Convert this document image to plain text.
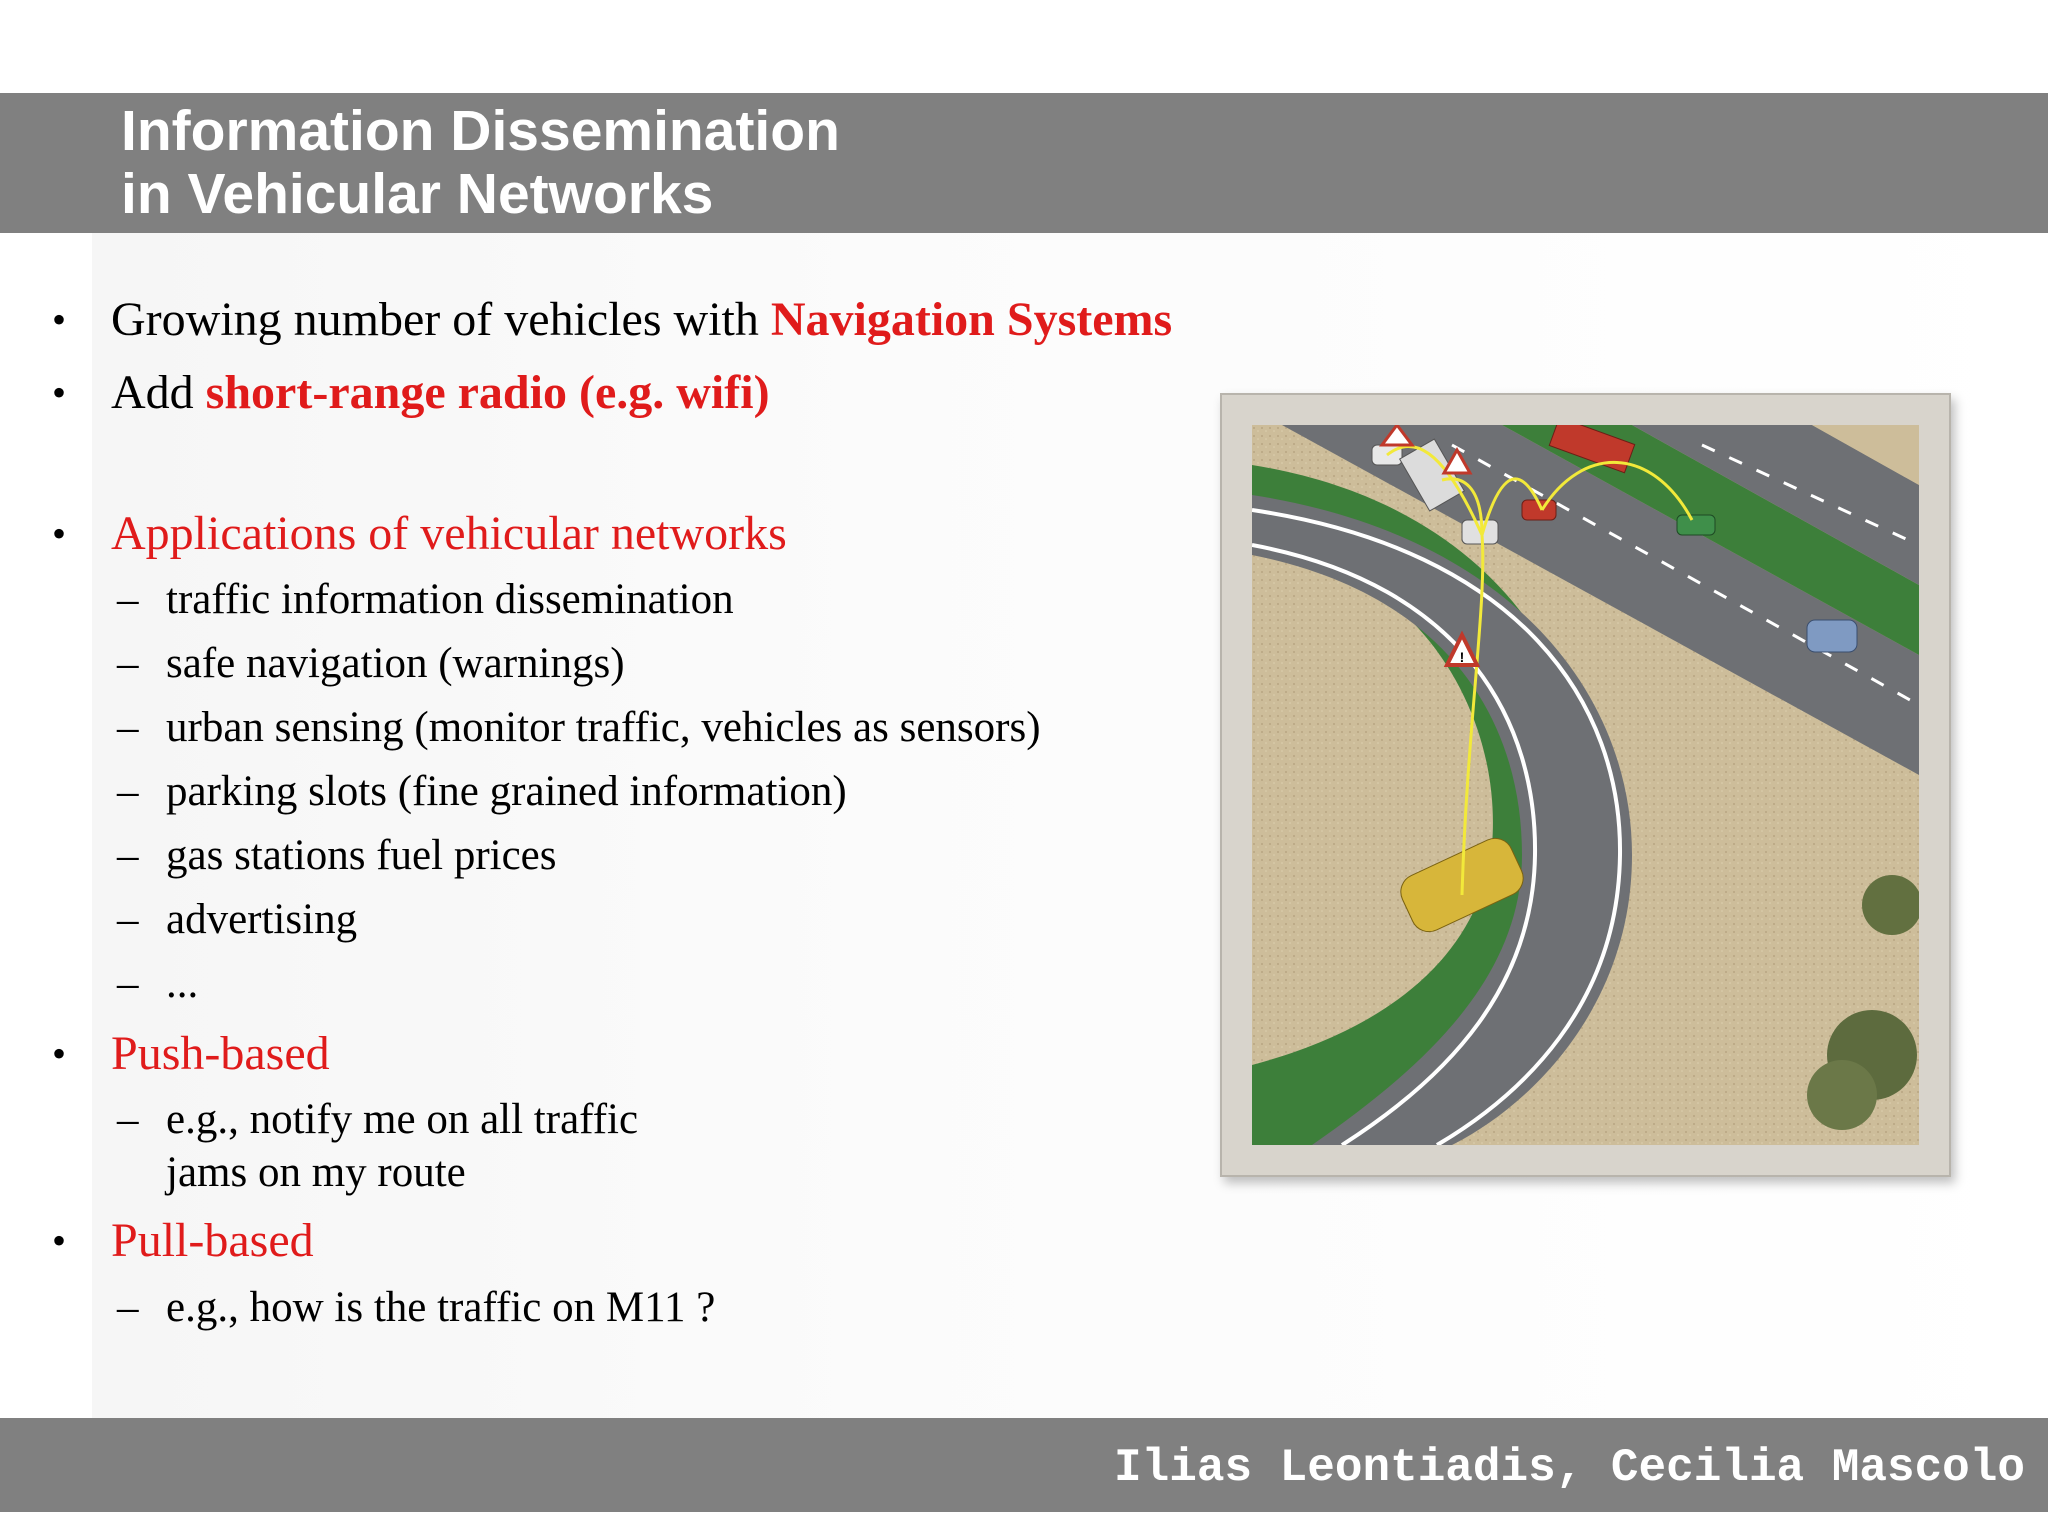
Information Dissemination
in Vehicular Networks
• Growing number of vehicles with Navigation Systems
• Add short-range radio (e.g. wifi)
• Applications of vehicular networks
– traffic information dissemination
– safe navigation (warnings)
– urban sensing (monitor traffic, vehicles as sensors)
– parking slots (fine grained information)
– gas stations fuel prices
– advertising
– ...
• Push-based
– e.g., notify me on all traffic
jams on my route
• Pull-based
– e.g., how is the traffic on M11 ?
!
Ilias Leontiadis, Cecilia Mascolo
